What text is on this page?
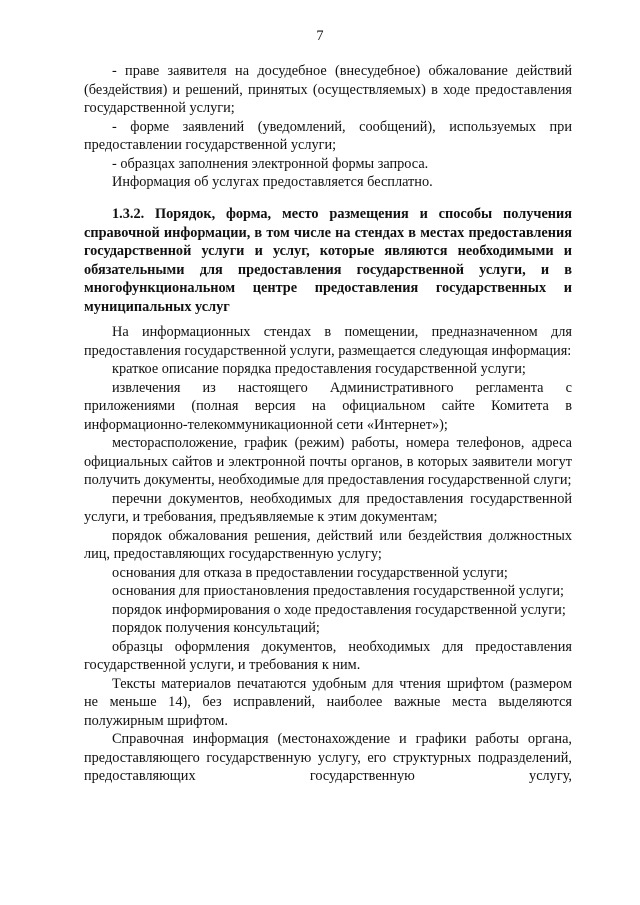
7

- праве заявителя на досудебное (внесудебное) обжалование действий (бездействия) и решений, принятых (осуществляемых) в ходе предоставления государственной услуги;

- форме заявлений (уведомлений, сообщений), используемых при предоставлении государственной услуги;

- образцах заполнения электронной формы запроса.

Информация об услугах предоставляется бесплатно.

1.3.2. Порядок, форма, место размещения и способы получения справочной информации, в том числе на стендах в местах предоставления государственной услуги и услуг, которые являются необходимыми и обязательными для предоставления государственной услуги, и в многофункциональном центре предоставления государственных и муниципальных услуг

На информационных стендах в помещении, предназначенном для предоставления государственной услуги, размещается следующая информация:

краткое описание порядка предоставления государственной услуги;

извлечения из настоящего Административного регламента с приложениями (полная версия на официальном сайте Комитета в информационно-телекоммуникационной сети «Интернет»);

месторасположение, график (режим) работы, номера телефонов, адреса официальных сайтов и электронной почты органов, в которых заявители могут получить документы, необходимые для предоставления государственной слуги;

перечни документов, необходимых для предоставления государственной услуги, и требования, предъявляемые к этим документам;

порядок обжалования решения, действий или бездействия должностных лиц, предоставляющих государственную услугу;

основания для отказа в предоставлении государственной услуги;

основания для приостановления предоставления государственной услуги;

порядок информирования о ходе предоставления государственной услуги;

порядок получения консультаций;

образцы оформления документов, необходимых для предоставления государственной услуги, и требования к ним.

Тексты материалов печатаются удобным для чтения шрифтом (размером не меньше 14), без исправлений, наиболее важные места выделяются полужирным шрифтом.

Справочная информация (местонахождение и графики работы органа, предоставляющего государственную услугу, его структурных подразделений, предоставляющих государственную услугу,
